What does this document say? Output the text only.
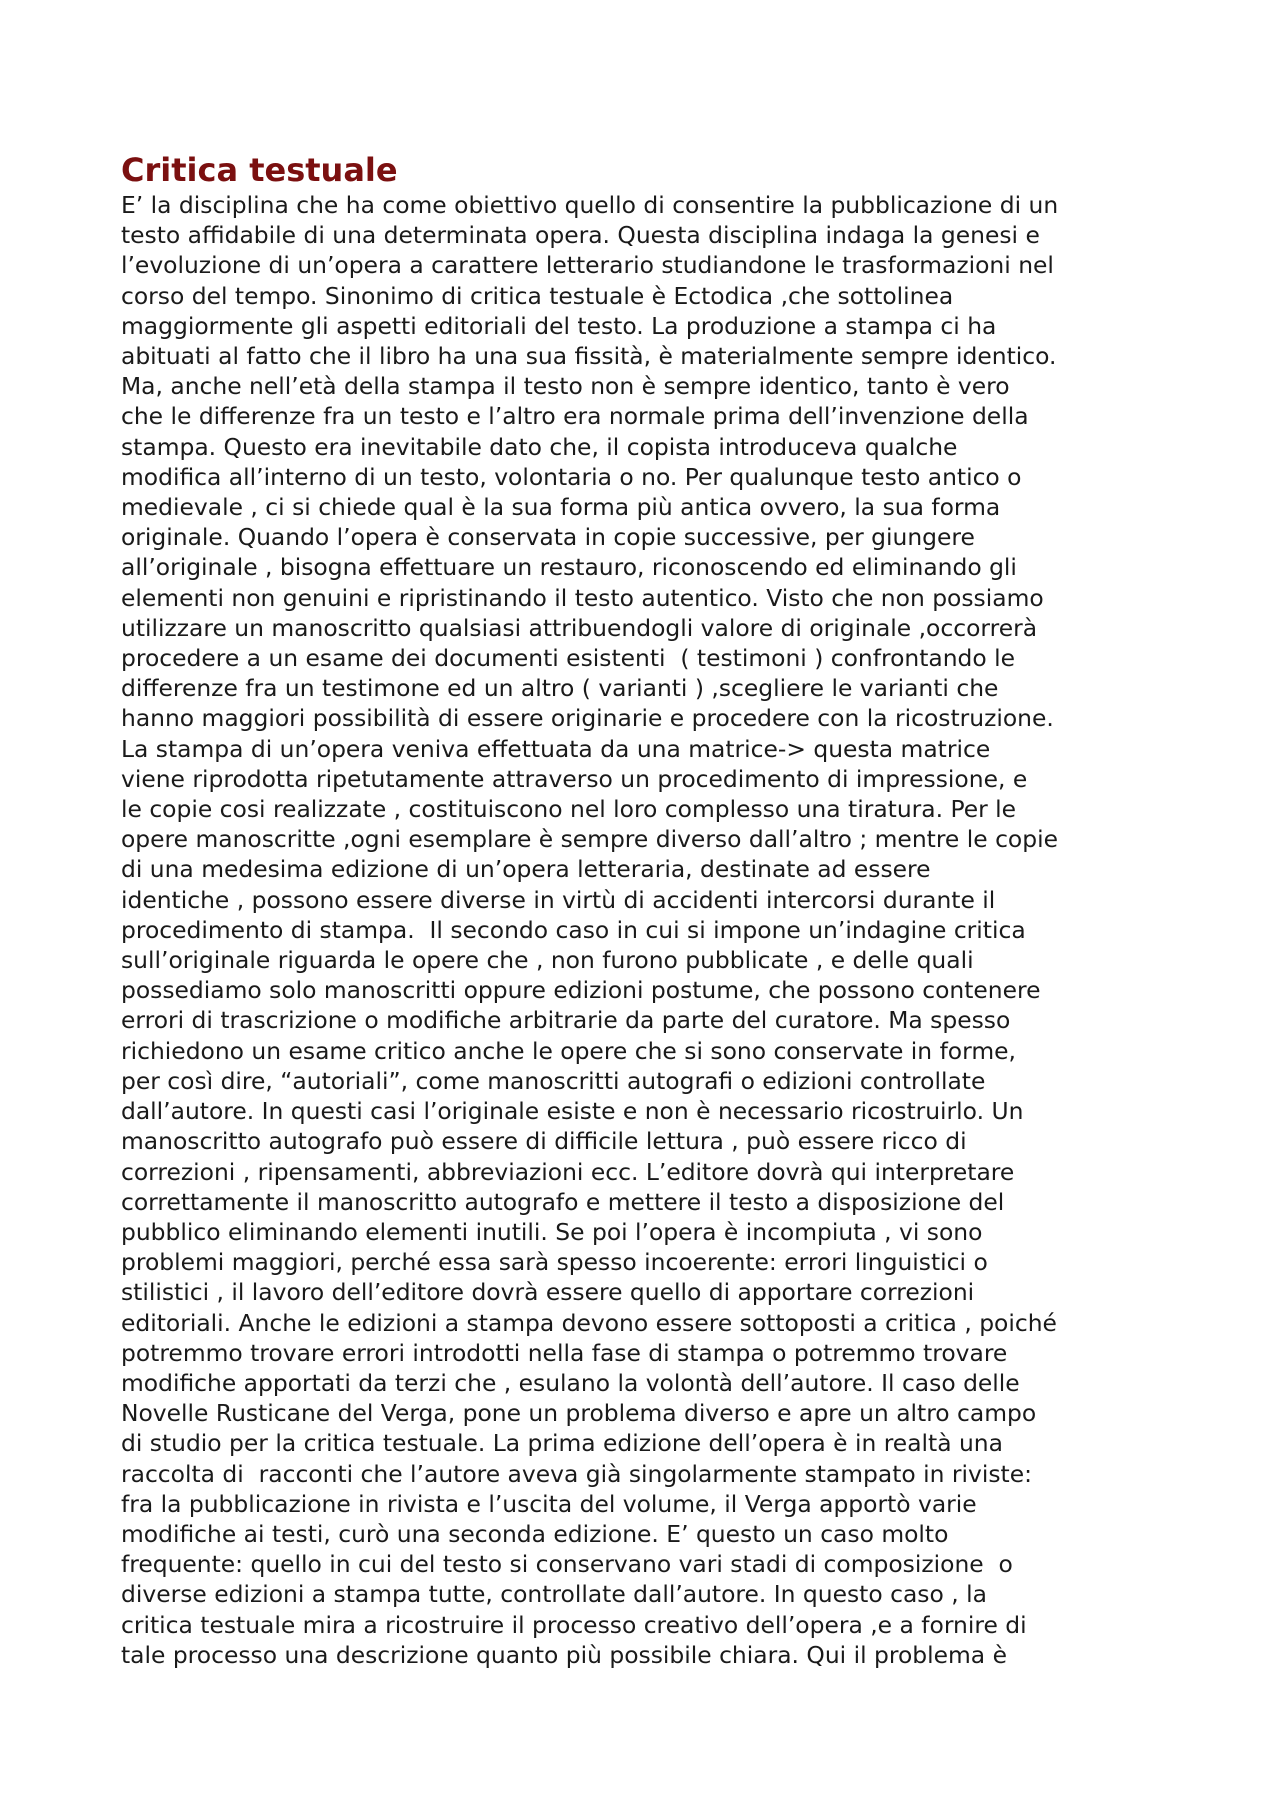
Critica testuale
E’ la disciplina che ha come obiettivo quello di consentire la pubblicazione di un
testo affidabile di una determinata opera. Questa disciplina indaga la genesi e
l’evoluzione di un’opera a carattere letterario studiandone le trasformazioni nel
corso del tempo. Sinonimo di critica testuale è Ectodica ,che sottolinea
maggiormente gli aspetti editoriali del testo. La produzione a stampa ci ha
abituati al fatto che il libro ha una sua fissità, è materialmente sempre identico.
Ma, anche nell’età della stampa il testo non è sempre identico, tanto è vero
che le differenze fra un testo e l’altro era normale prima dell’invenzione della
stampa. Questo era inevitabile dato che, il copista introduceva qualche
modifica all’interno di un testo, volontaria o no. Per qualunque testo antico o
medievale , ci si chiede qual è la sua forma più antica ovvero, la sua forma
originale. Quando l’opera è conservata in copie successive, per giungere
all’originale , bisogna effettuare un restauro, riconoscendo ed eliminando gli
elementi non genuini e ripristinando il testo autentico. Visto che non possiamo
utilizzare un manoscritto qualsiasi attribuendogli valore di originale ,occorrerà
procedere a un esame dei documenti esistenti  ( testimoni ) confrontando le
differenze fra un testimone ed un altro ( varianti ) ,scegliere le varianti che
hanno maggiori possibilità di essere originarie e procedere con la ricostruzione.
La stampa di un’opera veniva effettuata da una matrice-> questa matrice
viene riprodotta ripetutamente attraverso un procedimento di impressione, e
le copie cosi realizzate , costituiscono nel loro complesso una tiratura. Per le
opere manoscritte ,ogni esemplare è sempre diverso dall’altro ; mentre le copie
di una medesima edizione di un’opera letteraria, destinate ad essere
identiche , possono essere diverse in virtù di accidenti intercorsi durante il
procedimento di stampa.  Il secondo caso in cui si impone un’indagine critica
sull’originale riguarda le opere che , non furono pubblicate , e delle quali
possediamo solo manoscritti oppure edizioni postume, che possono contenere
errori di trascrizione o modifiche arbitrarie da parte del curatore. Ma spesso
richiedono un esame critico anche le opere che si sono conservate in forme,
per così dire, “autoriali”, come manoscritti autografi o edizioni controllate
dall’autore. In questi casi l’originale esiste e non è necessario ricostruirlo. Un
manoscritto autografo può essere di difficile lettura , può essere ricco di
correzioni , ripensamenti, abbreviazioni ecc. L’editore dovrà qui interpretare
correttamente il manoscritto autografo e mettere il testo a disposizione del
pubblico eliminando elementi inutili. Se poi l’opera è incompiuta , vi sono
problemi maggiori, perché essa sarà spesso incoerente: errori linguistici o
stilistici , il lavoro dell’editore dovrà essere quello di apportare correzioni
editoriali. Anche le edizioni a stampa devono essere sottoposti a critica , poiché
potremmo trovare errori introdotti nella fase di stampa o potremmo trovare
modifiche apportati da terzi che , esulano la volontà dell’autore. Il caso delle
Novelle Rusticane del Verga, pone un problema diverso e apre un altro campo
di studio per la critica testuale. La prima edizione dell’opera è in realtà una
raccolta di  racconti che l’autore aveva già singolarmente stampato in riviste:
fra la pubblicazione in rivista e l’uscita del volume, il Verga apportò varie
modifiche ai testi, curò una seconda edizione. E’ questo un caso molto
frequente: quello in cui del testo si conservano vari stadi di composizione  o
diverse edizioni a stampa tutte, controllate dall’autore. In questo caso , la
critica testuale mira a ricostruire il processo creativo dell’opera ,e a fornire di
tale processo una descrizione quanto più possibile chiara. Qui il problema è
